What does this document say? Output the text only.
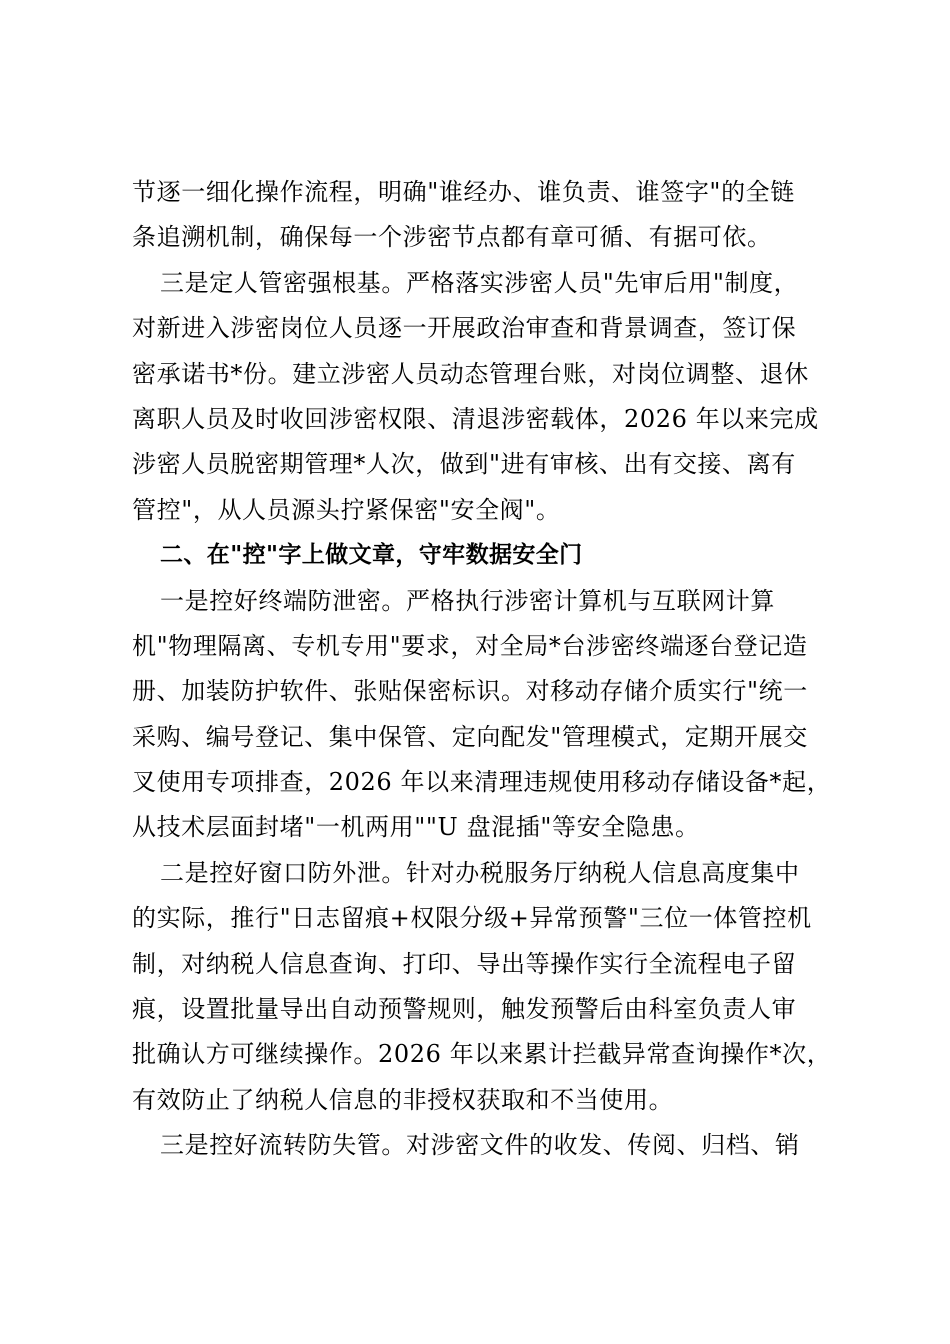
节逐一细化操作流程，明确"谁经办、谁负责、谁签字"的全链
条追溯机制，确保每一个涉密节点都有章可循、有据可依。
三是定人管密强根基。严格落实涉密人员"先审后用"制度，
对新进入涉密岗位人员逐一开展政治审查和背景调查，签订保
密承诺书*份。建立涉密人员动态管理台账，对岗位调整、退休
离职人员及时收回涉密权限、清退涉密载体，2026 年以来完成
涉密人员脱密期管理*人次，做到"进有审核、出有交接、离有
管控"，从人员源头拧紧保密"安全阀"。
二、在"控"字上做文章，守牢数据安全门
一是控好终端防泄密。严格执行涉密计算机与互联网计算
机"物理隔离、专机专用"要求，对全局*台涉密终端逐台登记造
册、加装防护软件、张贴保密标识。对移动存储介质实行"统一
采购、编号登记、集中保管、定向配发"管理模式，定期开展交
叉使用专项排查，2026 年以来清理违规使用移动存储设备*起，
从技术层面封堵"一机两用""U 盘混插"等安全隐患。
二是控好窗口防外泄。针对办税服务厅纳税人信息高度集中
的实际，推行"日志留痕+权限分级+异常预警"三位一体管控机
制，对纳税人信息查询、打印、导出等操作实行全流程电子留
痕，设置批量导出自动预警规则，触发预警后由科室负责人审
批确认方可继续操作。2026 年以来累计拦截异常查询操作*次，
有效防止了纳税人信息的非授权获取和不当使用。
三是控好流转防失管。对涉密文件的收发、传阅、归档、销
